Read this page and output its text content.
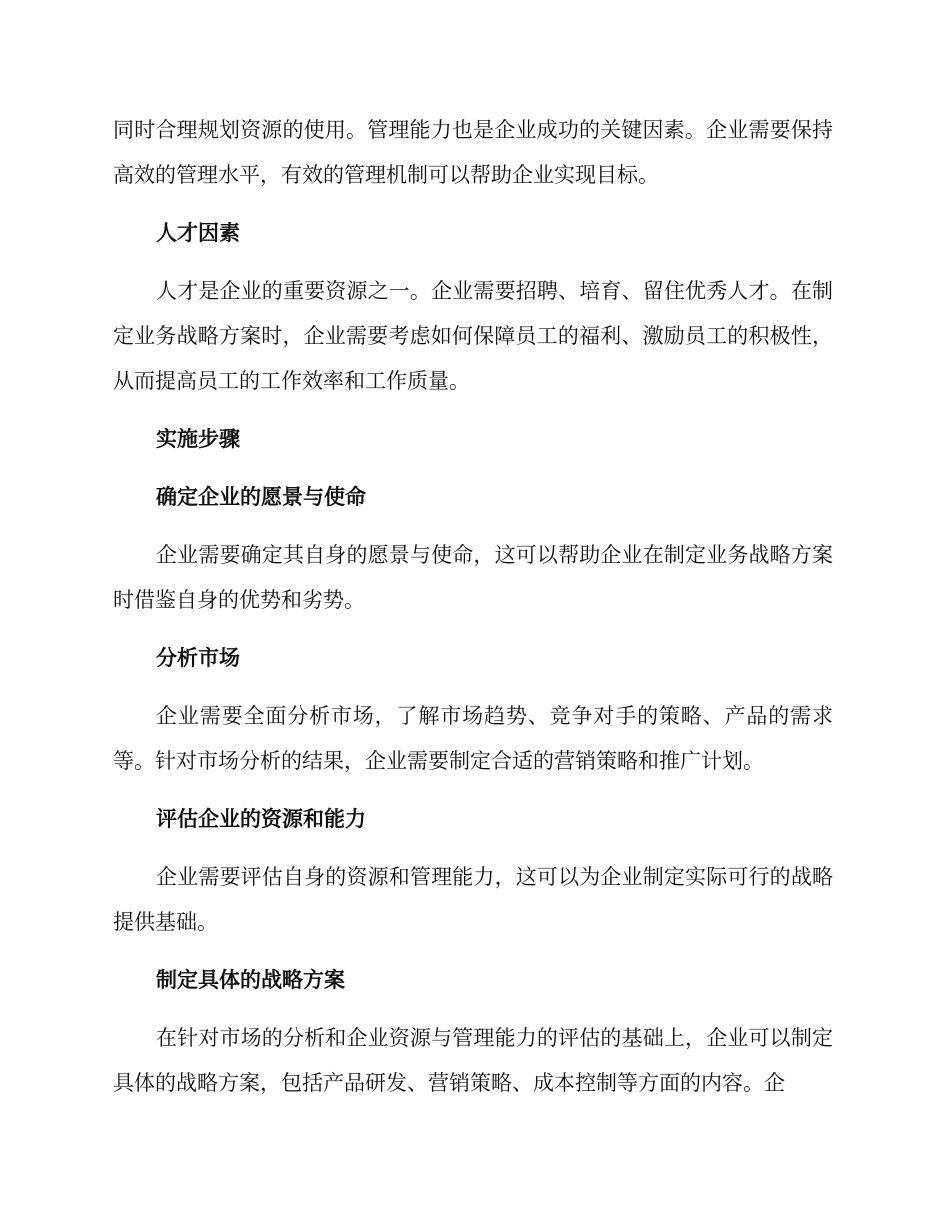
同时合理规划资源的使用。管理能力也是企业成功的关键因素。企业需要保持高效的管理水平，有效的管理机制可以帮助企业实现目标。

人才因素

人才是企业的重要资源之一。企业需要招聘、培育、留住优秀人才。在制定业务战略方案时，企业需要考虑如何保障员工的福利、激励员工的积极性，从而提高员工的工作效率和工作质量。

实施步骤
确定企业的愿景与使命

企业需要确定其自身的愿景与使命，这可以帮助企业在制定业务战略方案时借鉴自身的优势和劣势。

分析市场

企业需要全面分析市场，了解市场趋势、竞争对手的策略、产品的需求等。针对市场分析的结果，企业需要制定合适的营销策略和推广计划。

评估企业的资源和能力

企业需要评估自身的资源和管理能力，这可以为企业制定实际可行的战略提供基础。

制定具体的战略方案

在针对市场的分析和企业资源与管理能力的评估的基础上，企业可以制定具体的战略方案，包括产品研发、营销策略、成本控制等方面的内容。企
